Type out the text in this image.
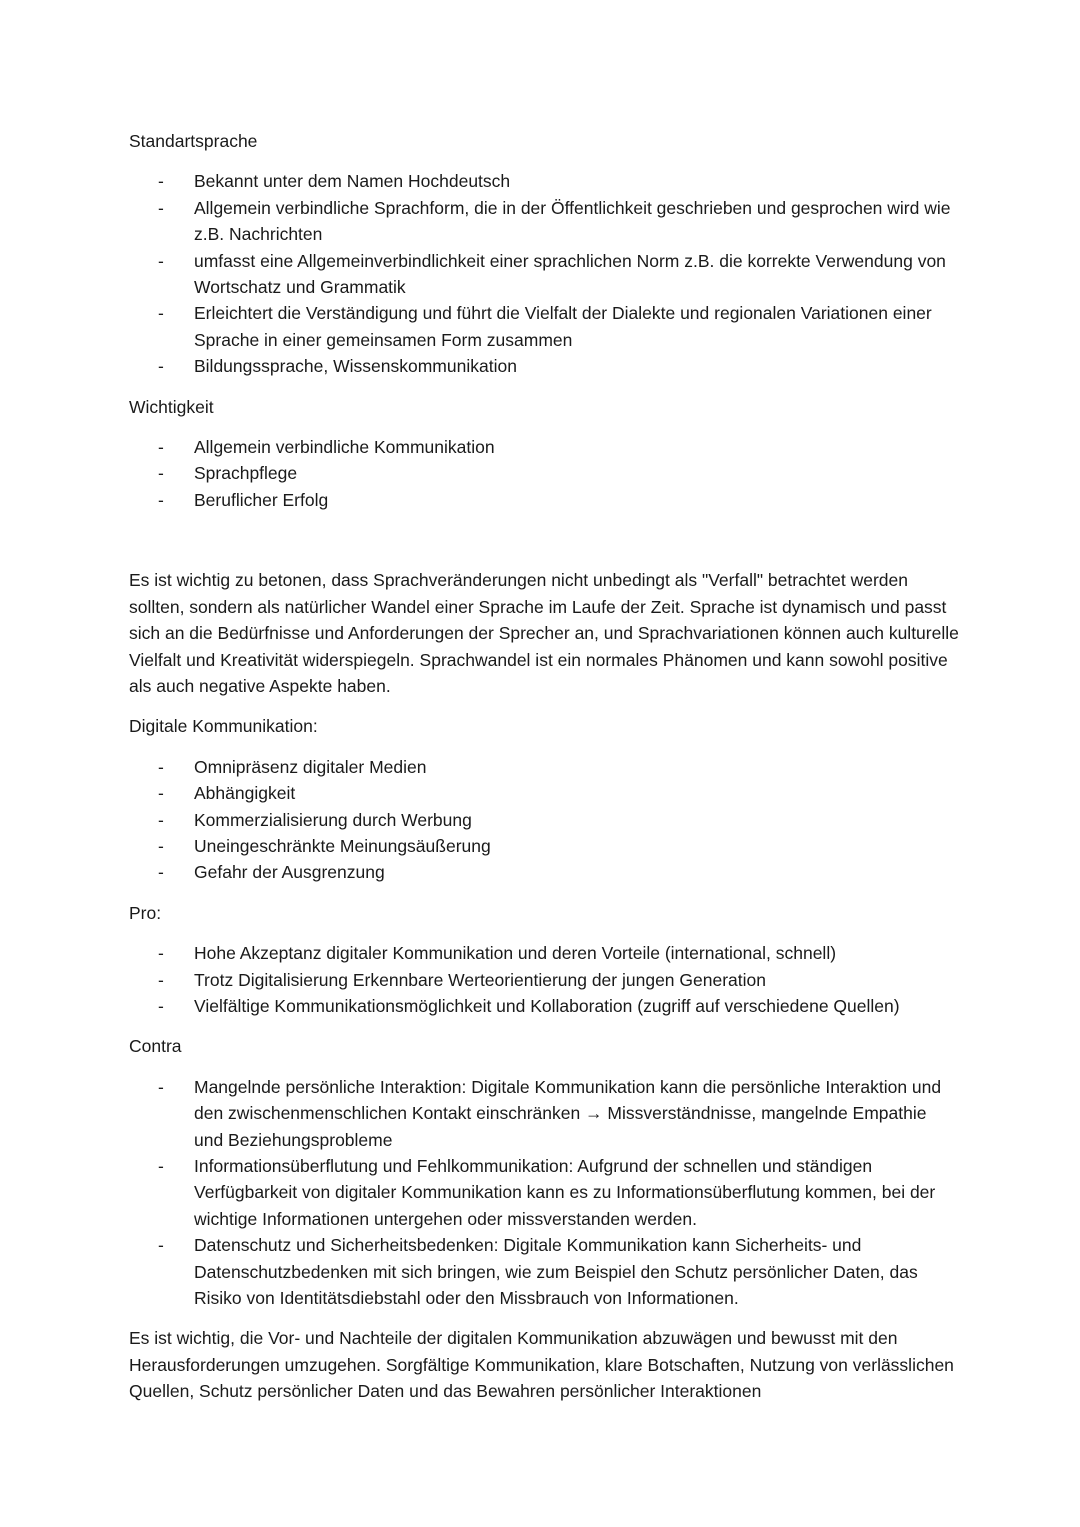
Standartsprache
- Bekannt unter dem Namen Hochdeutsch
- Allgemein verbindliche Sprachform, die in der Öffentlichkeit geschrieben und gesprochen wird wie z.B. Nachrichten
- umfasst eine Allgemeinverbindlichkeit einer sprachlichen Norm z.B. die korrekte Verwendung von Wortschatz und Grammatik
- Erleichtert die Verständigung und führt die Vielfalt der Dialekte und regionalen Variationen einer Sprache in einer gemeinsamen Form zusammen
- Bildungssprache, Wissenskommunikation
Wichtigkeit
- Allgemein verbindliche Kommunikation
- Sprachpflege
- Beruflicher Erfolg

Es ist wichtig zu betonen, dass Sprachveränderungen nicht unbedingt als "Verfall" betrachtet werden sollten, sondern als natürlicher Wandel einer Sprache im Laufe der Zeit. Sprache ist dynamisch und passt sich an die Bedürfnisse und Anforderungen der Sprecher an, und Sprachvariationen können auch kulturelle Vielfalt und Kreativität widerspiegeln. Sprachwandel ist ein normales Phänomen und kann sowohl positive als auch negative Aspekte haben.

Digitale Kommunikation:
- Omnipräsenz digitaler Medien
- Abhängigkeit
- Kommerzialisierung durch Werbung
- Uneingeschränkte Meinungsäußerung
- Gefahr der Ausgrenzung
Pro:
- Hohe Akzeptanz digitaler Kommunikation und deren Vorteile (international, schnell)
- Trotz Digitalisierung Erkennbare Werteorientierung der jungen Generation
- Vielfältige Kommunikationsmöglichkeit und Kollaboration (zugriff auf verschiedene Quellen)
Contra
- Mangelnde persönliche Interaktion: Digitale Kommunikation kann die persönliche Interaktion und den zwischenmenschlichen Kontakt einschränken → Missverständnisse, mangelnde Empathie und Beziehungsprobleme
- Informationsüberflutung und Fehlkommunikation: Aufgrund der schnellen und ständigen Verfügbarkeit von digitaler Kommunikation kann es zu Informationsüberflutung kommen, bei der wichtige Informationen untergehen oder missverstanden werden.
- Datenschutz und Sicherheitsbedenken: Digitale Kommunikation kann Sicherheits- und Datenschutzbedenken mit sich bringen, wie zum Beispiel den Schutz persönlicher Daten, das Risiko von Identitätsdiebstahl oder den Missbrauch von Informationen.

Es ist wichtig, die Vor- und Nachteile der digitalen Kommunikation abzuwägen und bewusst mit den Herausforderungen umzugehen. Sorgfältige Kommunikation, klare Botschaften, Nutzung von verlässlichen Quellen, Schutz persönlicher Daten und das Bewahren persönlicher Interaktionen
